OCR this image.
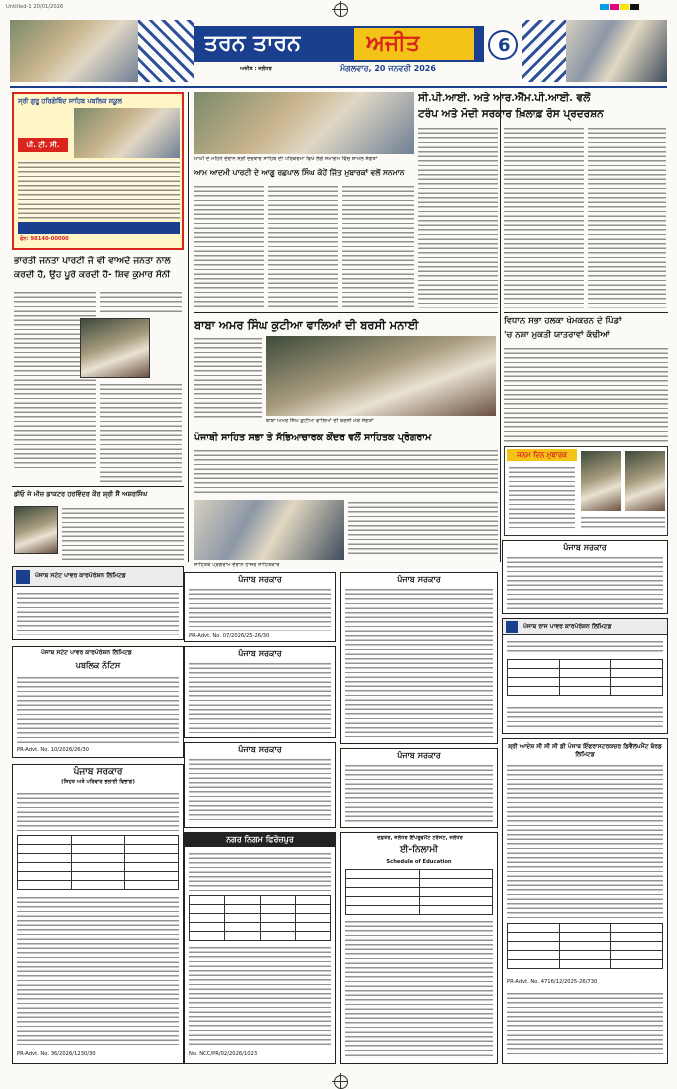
Untitled-1 20/01/2026
ਤਰਨ ਤਾਰਨ	ਅਜੀਤ
ਅਜੀਤ : ਜਲੰਧਰ	ਮੰਗਲਵਾਰ, 20 ਜਨਵਰੀ 2026
6
ਸ੍ਰੀ ਗੁਰੂ ਹਰਿਗੋਬਿੰਦ ਸਾਹਿਬ ਪਬਲਿਕ ਸਕੂਲ
ਪੀ. ਟੀ. ਸੀ.
ਫੋਨ: 98140-00000
ਭਾਰਤੀ ਜਨਤਾ ਪਾਰਟੀ ਜੋ ਵੀ ਵਾਅਦੇ ਜਨਤਾ ਨਾਲ
ਕਰਦੀ ਹੈ, ਉਹ ਪੂਰੇ ਕਰਦੀ ਹੈ- ਸ਼ਿਵ ਕੁਮਾਰ ਸੋਨੀ
ਡੀਓ ਜੇ ਮੀਜ਼ ਡਾਕਟਰ ਹਰਵਿੰਦਰ ਕੌਰ ਸ਼੍ਰੀ ਸੈਂ ਅਸ਼ਰਸਿੰਘ
ਪੰਜਾਬ ਸਟੇਟ ਪਾਵਰ ਕਾਰਪੋਰੇਸ਼ਨ ਲਿਮਿਟਡ
ਪੰਜਾਬ ਸਟੇਟ ਪਾਵਰ ਕਾਰਪੋਰੇਸ਼ਨ ਲਿਮਿਟਡ
ਪਬਲਿਕ ਨੋਟਿਸ
PR-Advt. No. 10/2026/26/30
ਪੰਜਾਬ ਸਰਕਾਰ
(ਸਿਹਤ ਅਤੇ ਪਰਿਵਾਰ ਭਲਾਈ ਵਿਭਾਗ)

PR-Advt. No. 36/2026/1230/30
ਮਾਘੀ ਦੇ ਮਹਿਨੇ ਦੌਰਾਨ ਸ੍ਰੀ ਦਰਬਾਰ ਸਾਹਿਬ ਦੀ ਪਰਿਕਰਮਾ ਵਿਖੇ ਲੱਗੇ ਸਮਾਗਮ ਵਿੱਚ ਸ਼ਾਮਲ ਸੰਗਤਾਂ
ਆਮ ਆਦਮੀ ਪਾਰਟੀ ਦੇ ਆਗੂ ਰਛਪਾਲ ਸਿੰਘ ਕੋਹੇਂ ਜਿੱਤ ਮੁਬਾਰਕਾਂ ਵਲੋਂ ਸਨਮਾਨ
ਬਾਬਾ ਅਮਰ ਸਿੰਘ ਕੁਟੀਆ ਵਾਲਿਆਂ ਦੀ ਬਰਸੀ ਮਨਾਈ
ਬਾਬਾ ਅਮਰ ਸਿੰਘ ਕੁਟੀਆ ਵਾਲਿਆਂ ਦੀ ਬਰਸੀ ਮੌਕੇ ਸੰਗਤਾਂ
ਪੰਜਾਬੀ ਸਾਹਿਤ ਸਭਾ ਤੇ ਸੱਭਿਆਚਾਰਕ ਕੇਂਦਰ ਵਲੋਂ ਸਾਹਿਤਕ ਪ੍ਰੋਗਰਾਮ
ਸਾਹਿਤਕ ਪ੍ਰੋਗਰਾਮ ਦੌਰਾਨ ਹਾਜ਼ਰ ਸਾਹਿਤਕਾਰ
ਪੰਜਾਬ ਸਰਕਾਰ
PR-Advt. No. 07/2026/25-26/30
ਪੰਜਾਬ ਸਰਕਾਰ
ਪੰਜਾਬ ਸਰਕਾਰ
ਨਗਰ ਨਿਗਮ ਫਿਰੋਜ਼ਪੁਰ

No. NCC/PR/02/2026/1023
ਪੰਜਾਬ ਸਰਕਾਰ
ਪੰਜਾਬ ਸਰਕਾਰ
ਦਫ਼ਤਰ, ਜਲੰਧਰ ਇੰਪਰੂਵਮੈਂਟ ਟਰੱਸਟ, ਜਲੰਧਰ
ਈ-ਨਿਲਾਮੀ
Schedule of Education

ਸੀ.ਪੀ.ਆਈ. ਅਤੇ ਆਰ.ਐੱਮ.ਪੀ.ਆਈ. ਵਲੋਂ
ਟਰੰਪ ਅਤੇ ਮੋਦੀ ਸਰਕਾਰ ਖ਼ਿਲਾਫ਼ ਰੋਸ ਪ੍ਰਦਰਸ਼ਨ
ਵਿਧਾਨ ਸਭਾ ਹਲਕਾ ਖੇਮਕਰਨ ਦੇ ਪਿੰਡਾਂ
'ਚ ਨਸ਼ਾ ਮੁਕਤੀ ਯਾਤਰਾਵਾਂ ਕੱਢੀਆਂ
ਜਨਮ ਦਿਨ ਮੁਬਾਰਕ
ਪੰਜਾਬ ਸਰਕਾਰ
ਪੰਜਾਬ ਰਾਜ ਪਾਵਰ ਕਾਰਪੋਰੇਸ਼ਨ ਲਿਮਿਟਡ

ਸ਼੍ਰੀ ਆਦੇਸ਼ ਸੀ ਸੀ ਸੀ ਡੀ ਪੰਜਾਬ ਇੰਫਰਾਸਟਰਕਚਰ ਡਿਵੈਲਪਮੈਂਟ ਬੋਰਡ ਲਿਮਿਟਡ

PR-Advt. No. 4716/12/2025-26/730
